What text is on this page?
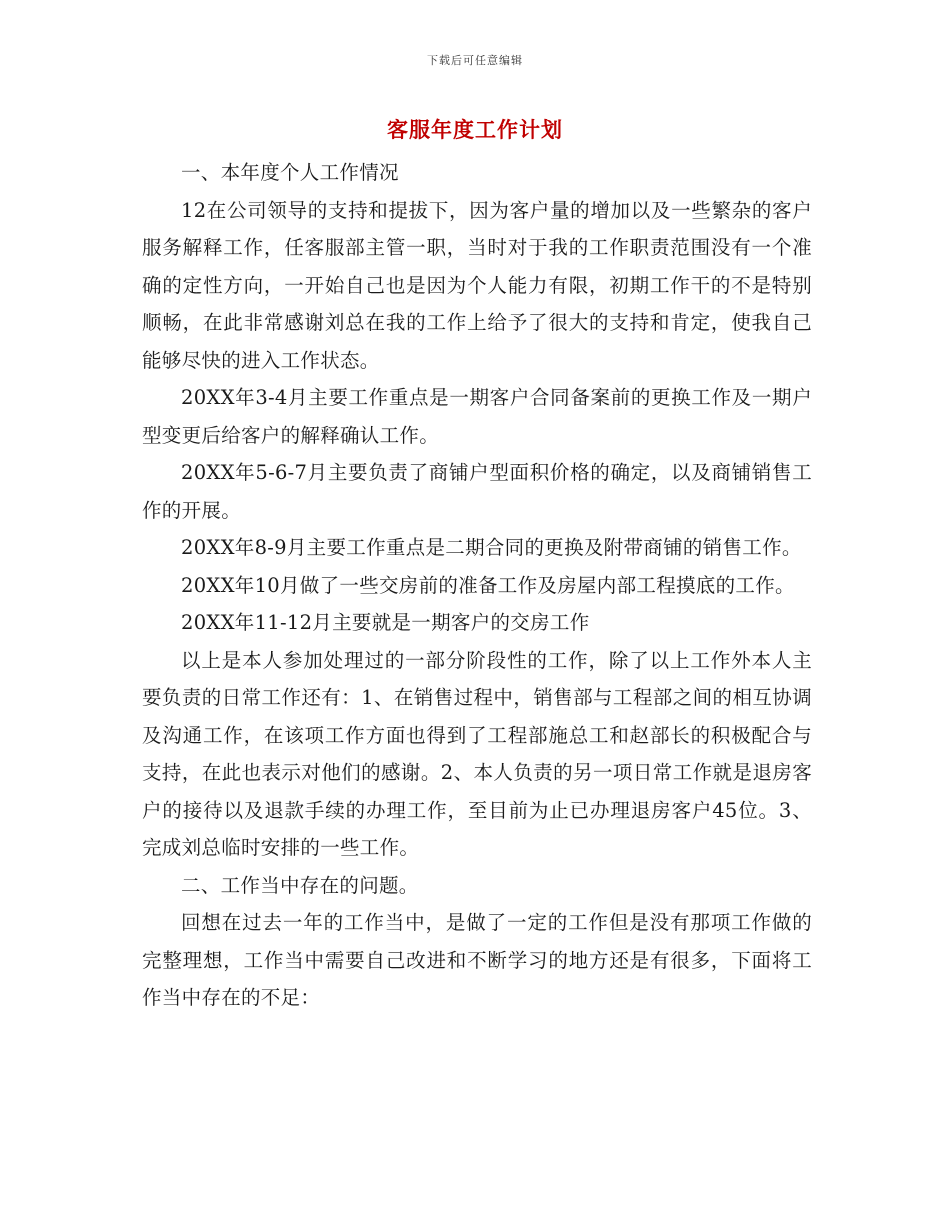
下载后可任意编辑
客服年度工作计划

一、本年度个人工作情况

12在公司领导的支持和提拔下，因为客户量的增加以及一些繁杂的客户服务解释工作，任客服部主管一职，当时对于我的工作职责范围没有一个准确的定性方向，一开始自己也是因为个人能力有限，初期工作干的不是特别顺畅，在此非常感谢刘总在我的工作上给予了很大的支持和肯定，使我自己能够尽快的进入工作状态。

20XX年3-4月主要工作重点是一期客户合同备案前的更换工作及一期户型变更后给客户的解释确认工作。

20XX年5-6-7月主要负责了商铺户型面积价格的确定，以及商铺销售工作的开展。

20XX年8-9月主要工作重点是二期合同的更换及附带商铺的销售工作。

20XX年10月做了一些交房前的准备工作及房屋内部工程摸底的工作。

20XX年11-12月主要就是一期客户的交房工作

以上是本人参加处理过的一部分阶段性的工作，除了以上工作外本人主要负责的日常工作还有：1、在销售过程中，销售部与工程部之间的相互协调及沟通工作，在该项工作方面也得到了工程部施总工和赵部长的积极配合与支持，在此也表示对他们的感谢。2、本人负责的另一项日常工作就是退房客户的接待以及退款手续的办理工作，至目前为止已办理退房客户45位。3、完成刘总临时安排的一些工作。

二、工作当中存在的问题。

回想在过去一年的工作当中，是做了一定的工作但是没有那项工作做的完整理想，工作当中需要自己改进和不断学习的地方还是有很多，下面将工作当中存在的不足：
